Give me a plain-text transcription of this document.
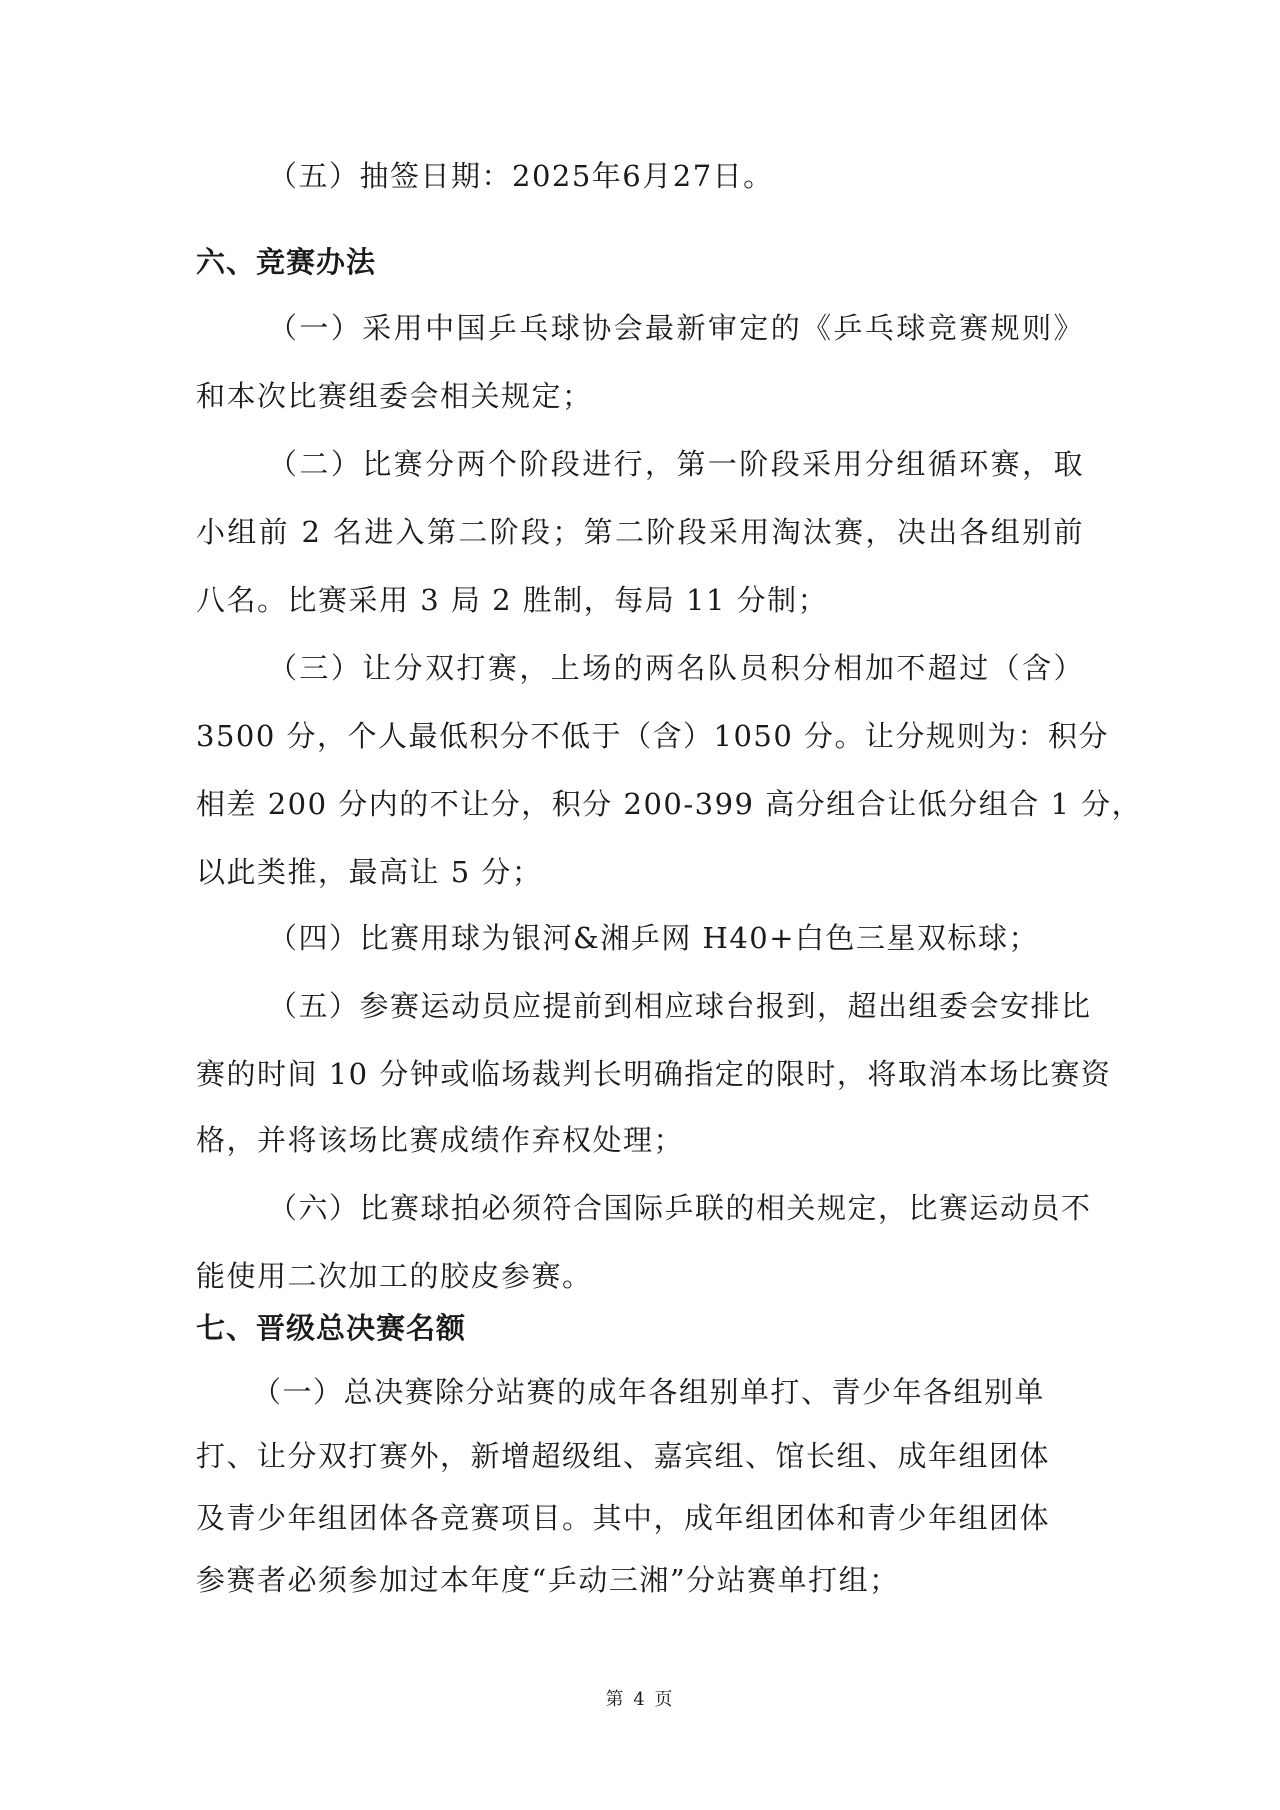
（五）抽签日期：2025年6月27日。
六、竞赛办法
（一）采用中国乒乓球协会最新审定的《乒乓球竞赛规则》
和本次比赛组委会相关规定；
（二）比赛分两个阶段进行，第一阶段采用分组循环赛，取
小组前 2 名进入第二阶段；第二阶段采用淘汰赛，决出各组别前
八名。比赛采用 3 局 2 胜制，每局 11 分制；
（三）让分双打赛，上场的两名队员积分相加不超过（含）
3500 分，个人最低积分不低于（含）1050 分。让分规则为：积分
相差 200 分内的不让分，积分 200-399 高分组合让低分组合 1 分，
以此类推，最高让 5 分；
（四）比赛用球为银河&湘乒网 H40+白色三星双标球；
（五）参赛运动员应提前到相应球台报到，超出组委会安排比
赛的时间 10 分钟或临场裁判长明确指定的限时，将取消本场比赛资
格，并将该场比赛成绩作弃权处理；
（六）比赛球拍必须符合国际乒联的相关规定，比赛运动员不
能使用二次加工的胶皮参赛。
七、晋级总决赛名额
（一）总决赛除分站赛的成年各组别单打、青少年各组别单
打、让分双打赛外，新增超级组、嘉宾组、馆长组、成年组团体
及青少年组团体各竞赛项目。其中，成年组团体和青少年组团体
参赛者必须参加过本年度“乒动三湘”分站赛单打组；
第 4 页
